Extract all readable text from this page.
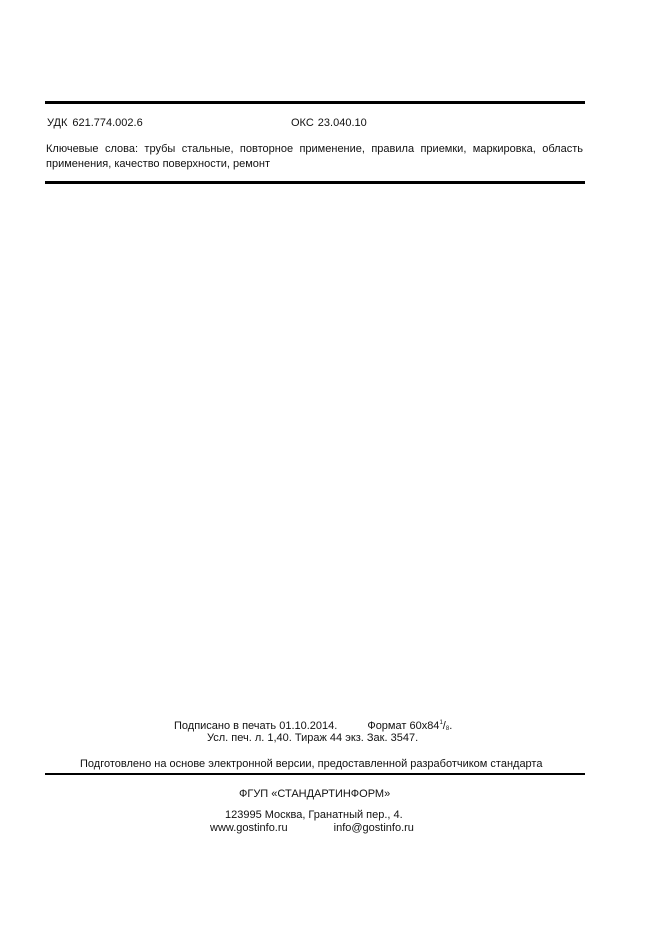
УДК 621.774.002.6	ОКС 23.040.10
Ключевые слова: трубы стальные, повторное применение, правила приемки, маркировка, область применения, качество поверхности, ремонт
Подписано в печать 01.10.2014.	Формат $60x84^1/_8$.
Усл. печ. л. 1,40. Тираж 44 экз. Зак. 3547.
Подготовлено на основе электронной версии, предоставленной разработчиком стандарта
ФГУП «СТАНДАРТИНФОРМ»
123995 Москва, Гранатный пер., 4.
www.gostinfo.ru	info@gostinfo.ru
